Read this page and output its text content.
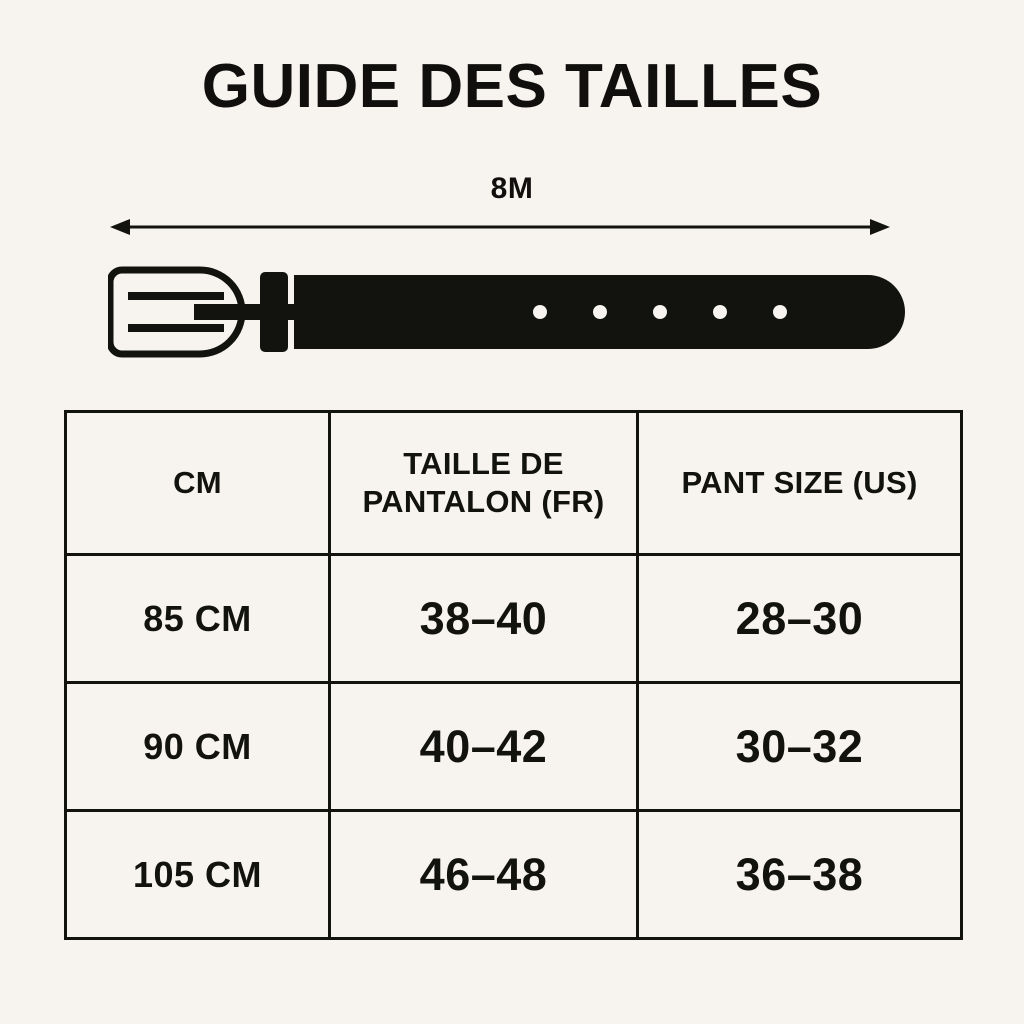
GUIDE DES TAILLES
8M
CM	TAILLE DE PANTALON (FR)	PANT SIZE (US)
85 CM	38–40	28–30
90 CM	40–42	30–32
105 CM	46–48	36–38
